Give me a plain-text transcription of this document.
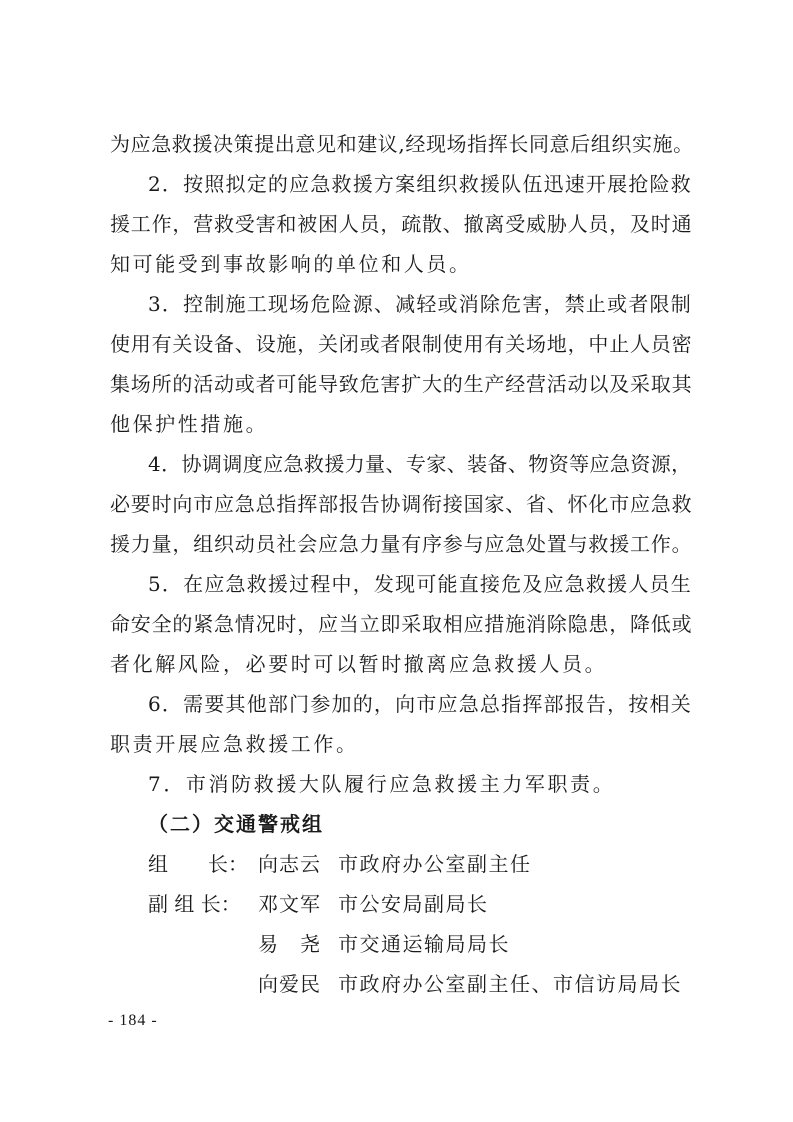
为应急救援决策提出意见和建议,经现场指挥长同意后组织实施。
2．按照拟定的应急救援方案组织救援队伍迅速开展抢险救
援工作，营救受害和被困人员，疏散、撤离受威胁人员，及时通
知可能受到事故影响的单位和人员。
3．控制施工现场危险源、减轻或消除危害，禁止或者限制
使用有关设备、设施，关闭或者限制使用有关场地，中止人员密
集场所的活动或者可能导致危害扩大的生产经营活动以及采取其
他保护性措施。
4．协调调度应急救援力量、专家、装备、物资等应急资源，
必要时向市应急总指挥部报告协调衔接国家、省、怀化市应急救
援力量，组织动员社会应急力量有序参与应急处置与救援工作。
5．在应急救援过程中，发现可能直接危及应急救援人员生
命安全的紧急情况时，应当立即采取相应措施消除隐患，降低或
者化解风险，必要时可以暂时撤离应急救援人员。
6．需要其他部门参加的，向市应急总指挥部报告，按相关
职责开展应急救援工作。
7．市消防救援大队履行应急救援主力军职责。
（二）交通警戒组
组　　长： 向志云 市政府办公室副主任
副 组 长： 邓文军 市公安局副局长
易　尧 市交通运输局局长
向爱民 市政府办公室副主任、市信访局局长
- 184 -
